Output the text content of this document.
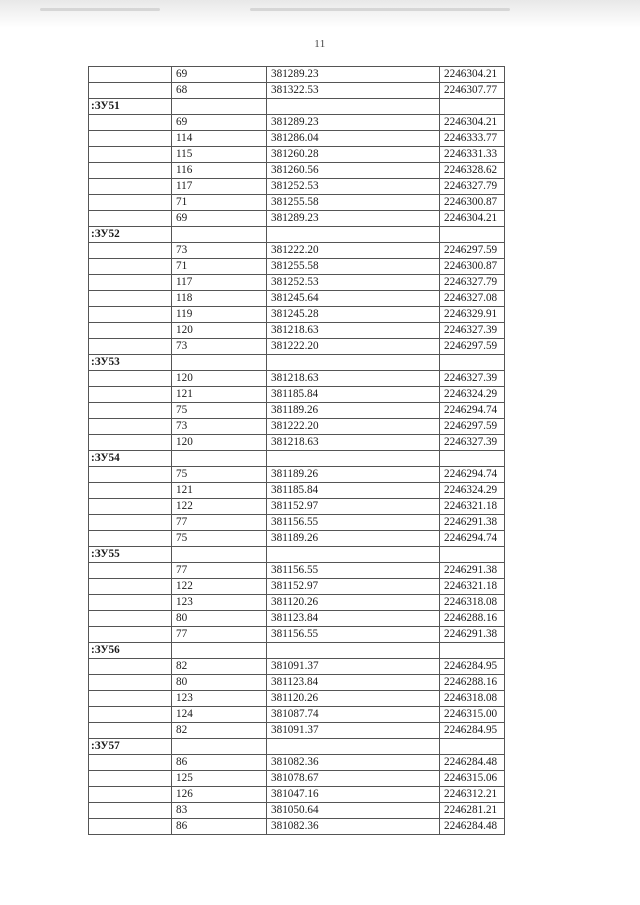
11
	69	381289.23	2246304.21
	68	381322.53	2246307.77
:ЗУ51			
	69	381289.23	2246304.21
	114	381286.04	2246333.77
	115	381260.28	2246331.33
	116	381260.56	2246328.62
	117	381252.53	2246327.79
	71	381255.58	2246300.87
	69	381289.23	2246304.21
:ЗУ52			
	73	381222.20	2246297.59
	71	381255.58	2246300.87
	117	381252.53	2246327.79
	118	381245.64	2246327.08
	119	381245.28	2246329.91
	120	381218.63	2246327.39
	73	381222.20	2246297.59
:ЗУ53			
	120	381218.63	2246327.39
	121	381185.84	2246324.29
	75	381189.26	2246294.74
	73	381222.20	2246297.59
	120	381218.63	2246327.39
:ЗУ54			
	75	381189.26	2246294.74
	121	381185.84	2246324.29
	122	381152.97	2246321.18
	77	381156.55	2246291.38
	75	381189.26	2246294.74
:ЗУ55			
	77	381156.55	2246291.38
	122	381152.97	2246321.18
	123	381120.26	2246318.08
	80	381123.84	2246288.16
	77	381156.55	2246291.38
:ЗУ56			
	82	381091.37	2246284.95
	80	381123.84	2246288.16
	123	381120.26	2246318.08
	124	381087.74	2246315.00
	82	381091.37	2246284.95
:ЗУ57			
	86	381082.36	2246284.48
	125	381078.67	2246315.06
	126	381047.16	2246312.21
	83	381050.64	2246281.21
	86	381082.36	2246284.48
